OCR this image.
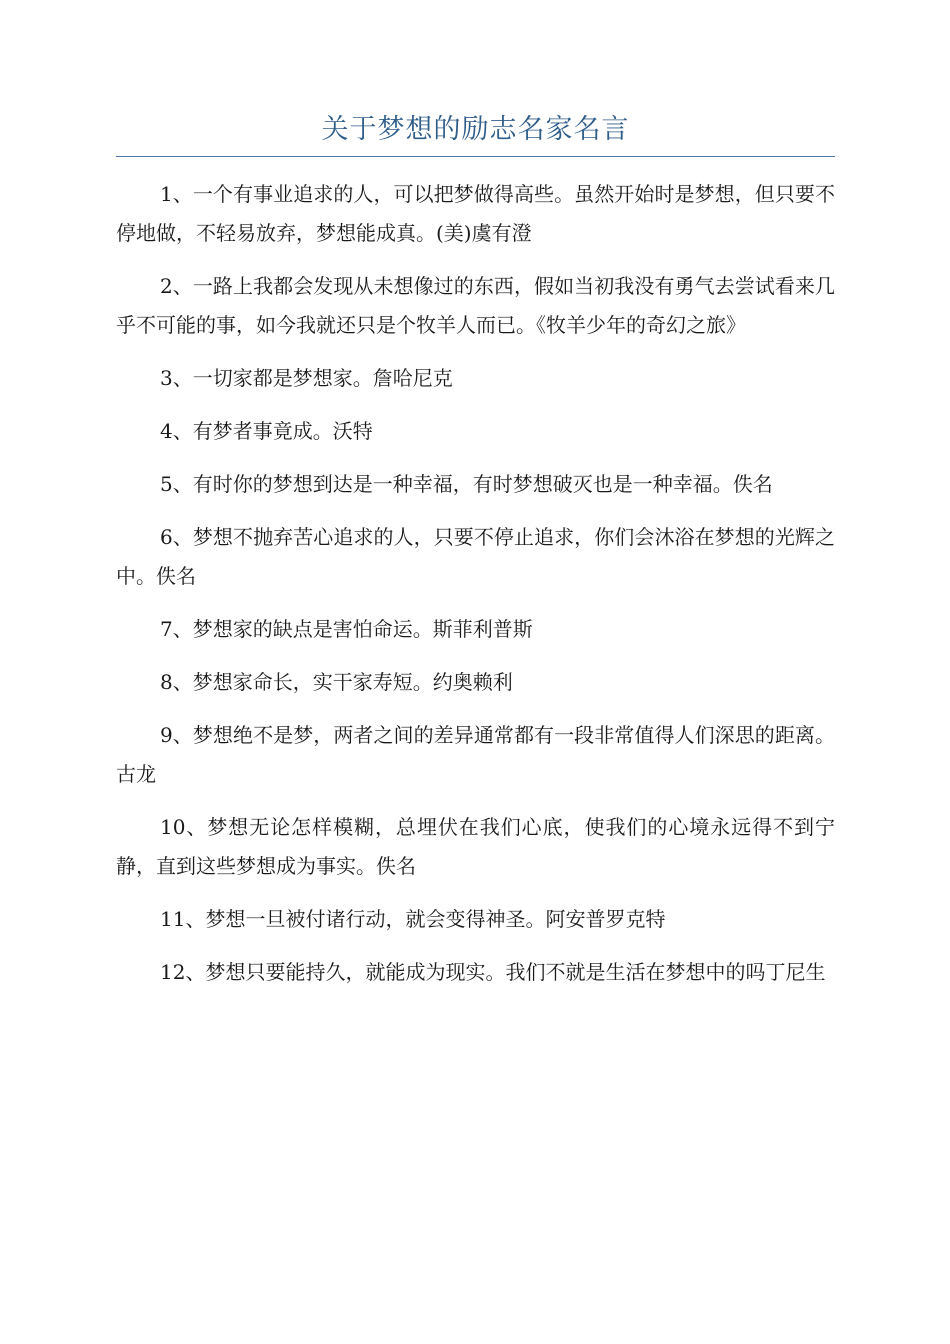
关于梦想的励志名家名言

1、一个有事业追求的人，可以把梦做得高些。虽然开始时是梦想，但只要不停地做，不轻易放弃，梦想能成真。(美)虞有澄

2、一路上我都会发现从未想像过的东西，假如当初我没有勇气去尝试看来几乎不可能的事，如今我就还只是个牧羊人而已。《牧羊少年的奇幻之旅》

3、一切家都是梦想家。詹哈尼克

4、有梦者事竟成。沃特

5、有时你的梦想到达是一种幸福，有时梦想破灭也是一种幸福。佚名

6、梦想不抛弃苦心追求的人，只要不停止追求，你们会沐浴在梦想的光辉之中。佚名

7、梦想家的缺点是害怕命运。斯菲利普斯

8、梦想家命长，实干家寿短。约奥赖利

9、梦想绝不是梦，两者之间的差异通常都有一段非常值得人们深思的距离。古龙

10、梦想无论怎样模糊，总埋伏在我们心底，使我们的心境永远得不到宁静，直到这些梦想成为事实。佚名

11、梦想一旦被付诸行动，就会变得神圣。阿安普罗克特

12、梦想只要能持久，就能成为现实。我们不就是生活在梦想中的吗丁尼生
